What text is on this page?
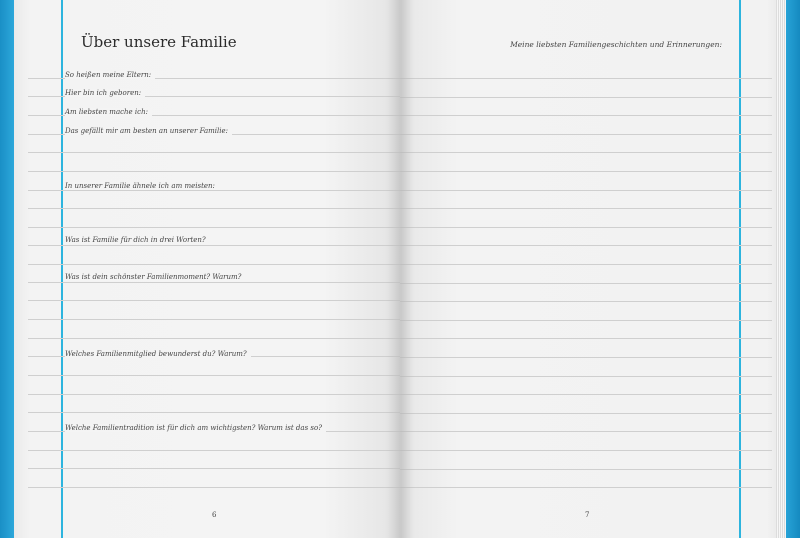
Über unsere Familie
So heißen meine Eltern:
Hier bin ich geboren:
Am liebsten mache ich:
Das gefällt mir am besten an unserer Familie:
In unserer Familie ähnele ich am meisten:
Was ist Familie für dich in drei Worten?
Was ist dein schönster Familienmoment? Warum?
Welches Familienmitglied bewunderst du? Warum?
Welche Familientradition ist für dich am wichtigsten? Warum ist das so?
6
Meine liebsten Familiengeschichten und Erinnerungen:
7
